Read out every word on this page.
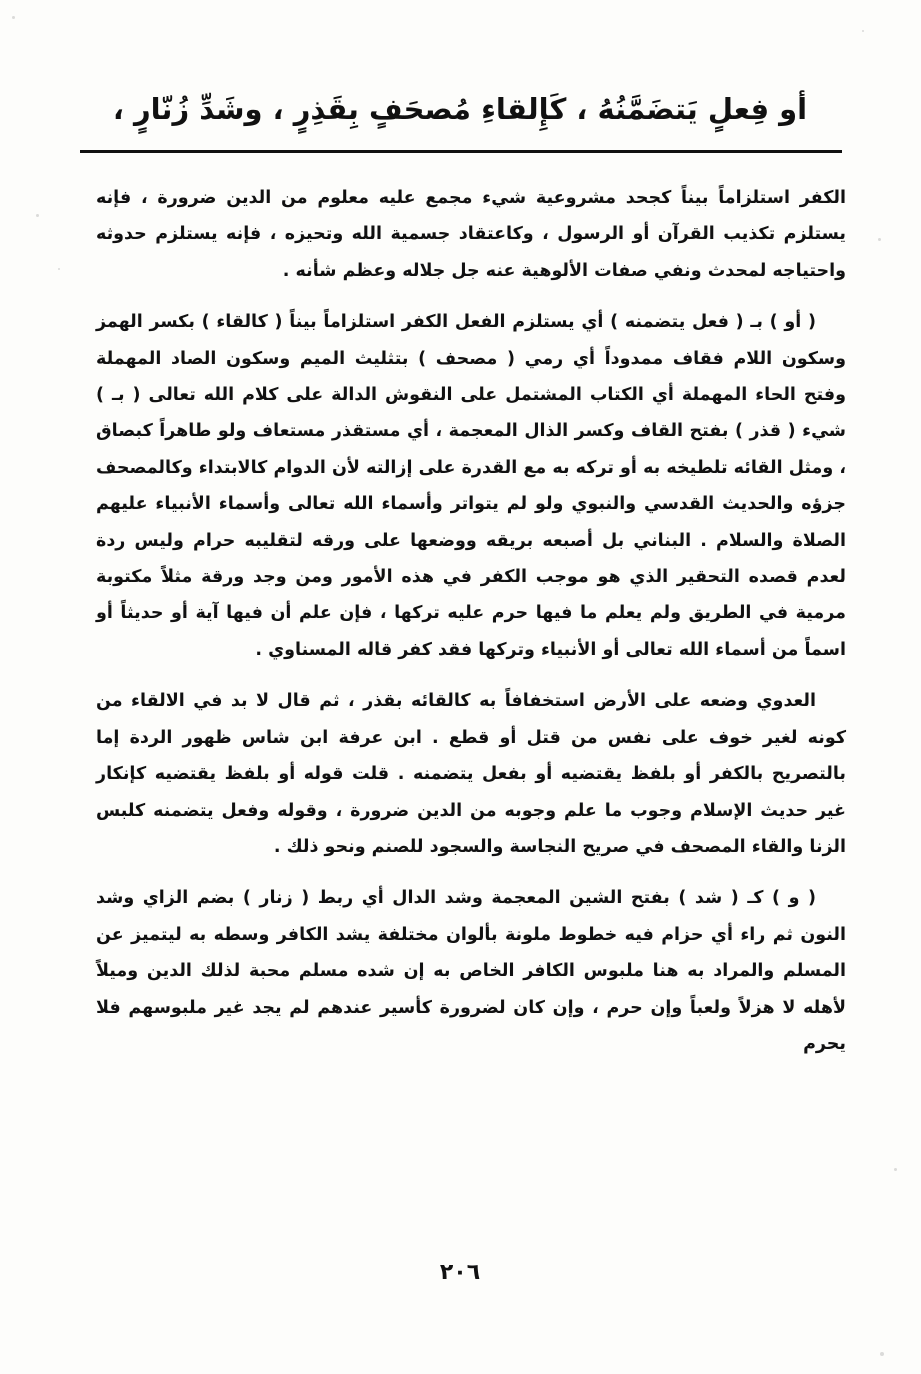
أو فِعلٍ يَتضَمَّنُهُ ، كَإِلقاءِ مُصحَفٍ بِقَذِرٍ ، وشَدِّ زُنّارٍ ،

الكفر استلزاماً بيناً كجحد مشروعية شيء مجمع عليه معلوم من الدين ضرورة ، فإنه يستلزم تكذيب القرآن أو الرسول ، وكاعتقاد جسمية الله وتحيزه ، فإنه يستلزم حدوثه واحتياجه لمحدث ونفي صفات الألوهية عنه جل جلاله وعظم شأنه .

( أو ) بـ ( فعل يتضمنه ) أي يستلزم الفعل الكفر استلزاماً بيناً ( كالقاء ) بكسر الهمز وسكون اللام فقاف ممدوداً أي رمي ( مصحف ) بتثليث الميم وسكون الصاد المهملة وفتح الحاء المهملة أي الكتاب المشتمل على النقوش الدالة على كلام الله تعالى ( بـ ) شيء ( قذر ) بفتح القاف وكسر الذال المعجمة ، أي مستقذر مستعاف ولو طاهراً كبصاق ، ومثل القائه تلطيخه به أو تركه به مع القدرة على إزالته لأن الدوام كالابتداء وكالمصحف جزؤه والحديث القدسي والنبوي ولو لم يتواتر وأسماء الله تعالى وأسماء الأنبياء عليهم الصلاة والسلام . البناني بل أصبعه بريقه ووضعها على ورقه لتقليبه حرام وليس ردة لعدم قصده التحقير الذي هو موجب الكفر في هذه الأمور ومن وجد ورقة مثلاً مكتوبة مرمية في الطريق ولم يعلم ما فيها حرم عليه تركها ، فإن علم أن فيها آية أو حديثاً أو اسماً من أسماء الله تعالى أو الأنبياء وتركها فقد كفر قاله المسناوي .

العدوي وضعه على الأرض استخفافاً به كالقائه بقذر ، ثم قال لا بد في الالقاء من كونه لغير خوف على نفس من قتل أو قطع . ابن عرفة ابن شاس ظهور الردة إما بالتصريح بالكفر أو بلفظ يقتضيه أو بفعل يتضمنه . قلت قوله أو بلفظ يقتضيه كإنكار غير حديث الإسلام وجوب ما علم وجوبه من الدين ضرورة ، وقوله وفعل يتضمنه كلبس الزنا والقاء المصحف في صريح النجاسة والسجود للصنم ونحو ذلك .

( و ) كـ ( شد ) بفتح الشين المعجمة وشد الدال أي ربط ( زنار ) بضم الزاي وشد النون ثم راء أي حزام فيه خطوط ملونة بألوان مختلفة يشد الكافر وسطه به ليتميز عن المسلم والمراد به هنا ملبوس الكافر الخاص به إن شده مسلم محبة لذلك الدين وميلاً لأهله لا هزلاً ولعباً وإن حرم ، وإن كان لضرورة كأسير عندهم لم يجد غير ملبوسهم فلا يحرم

٢٠٦
